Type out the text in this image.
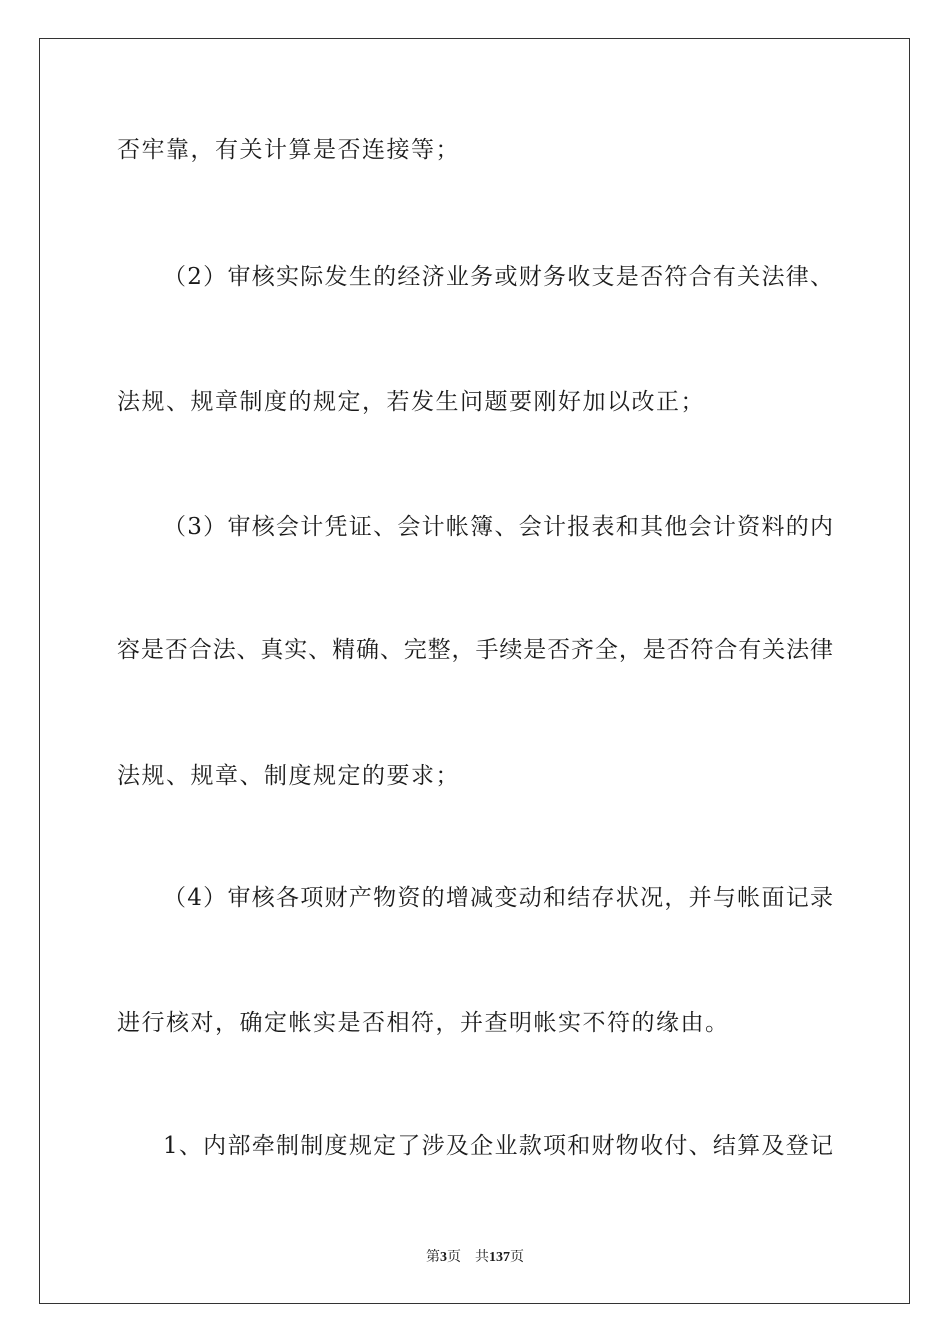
否牢靠，有关计算是否连接等；
（2）审核实际发生的经济业务或财务收支是否符合有关法律、
法规、规章制度的规定，若发生问题要刚好加以改正；
（3）审核会计凭证、会计帐簿、会计报表和其他会计资料的内
容是否合法、真实、精确、完整，手续是否齐全，是否符合有关法律
法规、规章、制度规定的要求；
（4）审核各项财产物资的增减变动和结存状况，并与帐面记录
进行核对，确定帐实是否相符，并查明帐实不符的缘由。
1、内部牵制制度规定了涉及企业款项和财物收付、结算及登记
第3页 共137页
